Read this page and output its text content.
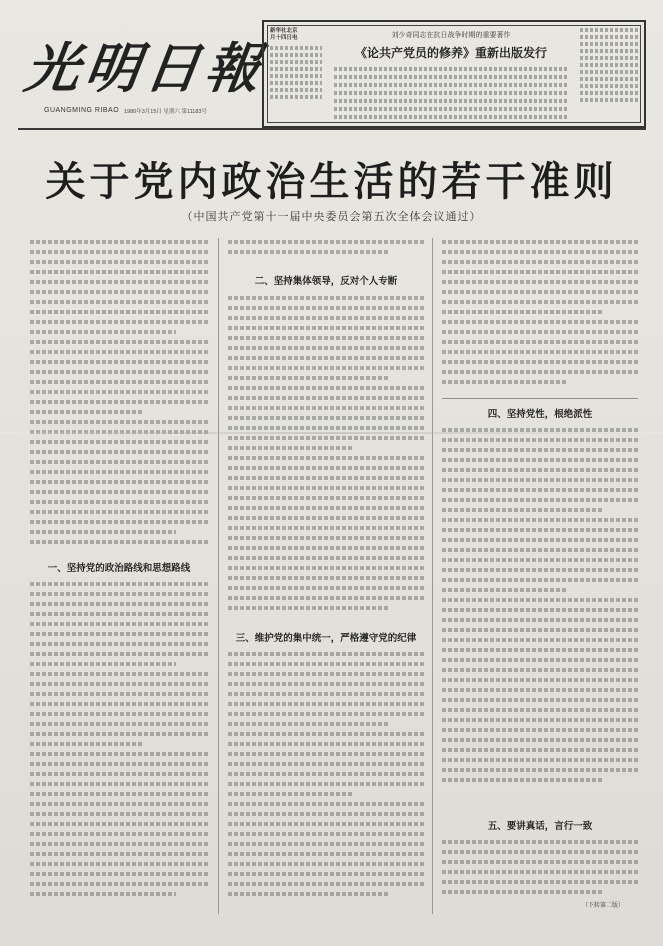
光明日報
GUANGMING RIBAO 1980年3月15日 星期六 第11183号
新华社北京
月十四日电	刘少奇同志在抗日战争时期的重要著作
《论共产党员的修养》重新出版发行
关于党内政治生活的若干准则
（中国共产党第十一届中央委员会第五次全体会议通过）
一、坚持党的政治路线和思想路线
二、坚持集体领导，反对个人专断
三、维护党的集中统一，严格遵守党的纪律
四、坚持党性，根绝派性
五、要讲真话，言行一致
（下转第二版）
